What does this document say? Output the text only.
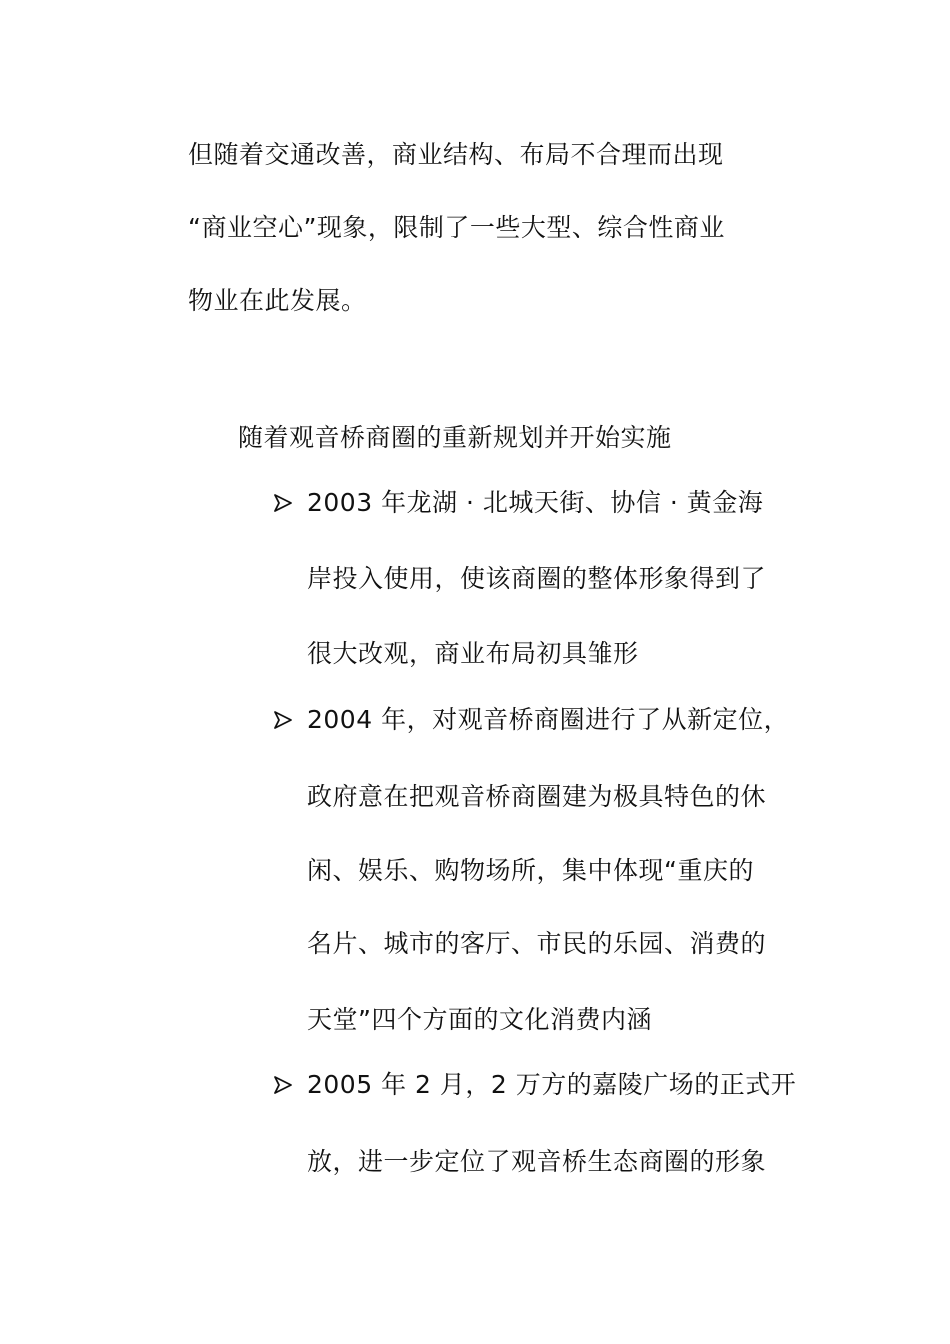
但随着交通改善，商业结构、布局不合理而出现
“商业空心”现象，限制了一些大型、综合性商业
物业在此发展。
随着观音桥商圈的重新规划并开始实施
2003 年龙湖 · 北城天街、协信 · 黄金海
岸投入使用，使该商圈的整体形象得到了
很大改观，商业布局初具雏形
2004 年，对观音桥商圈进行了从新定位，
政府意在把观音桥商圈建为极具特色的休
闲、娱乐、购物场所，集中体现“重庆的
名片、城市的客厅、市民的乐园、消费的
天堂”四个方面的文化消费内涵
2005 年 2 月，2 万方的嘉陵广场的正式开
放，进一步定位了观音桥生态商圈的形象
